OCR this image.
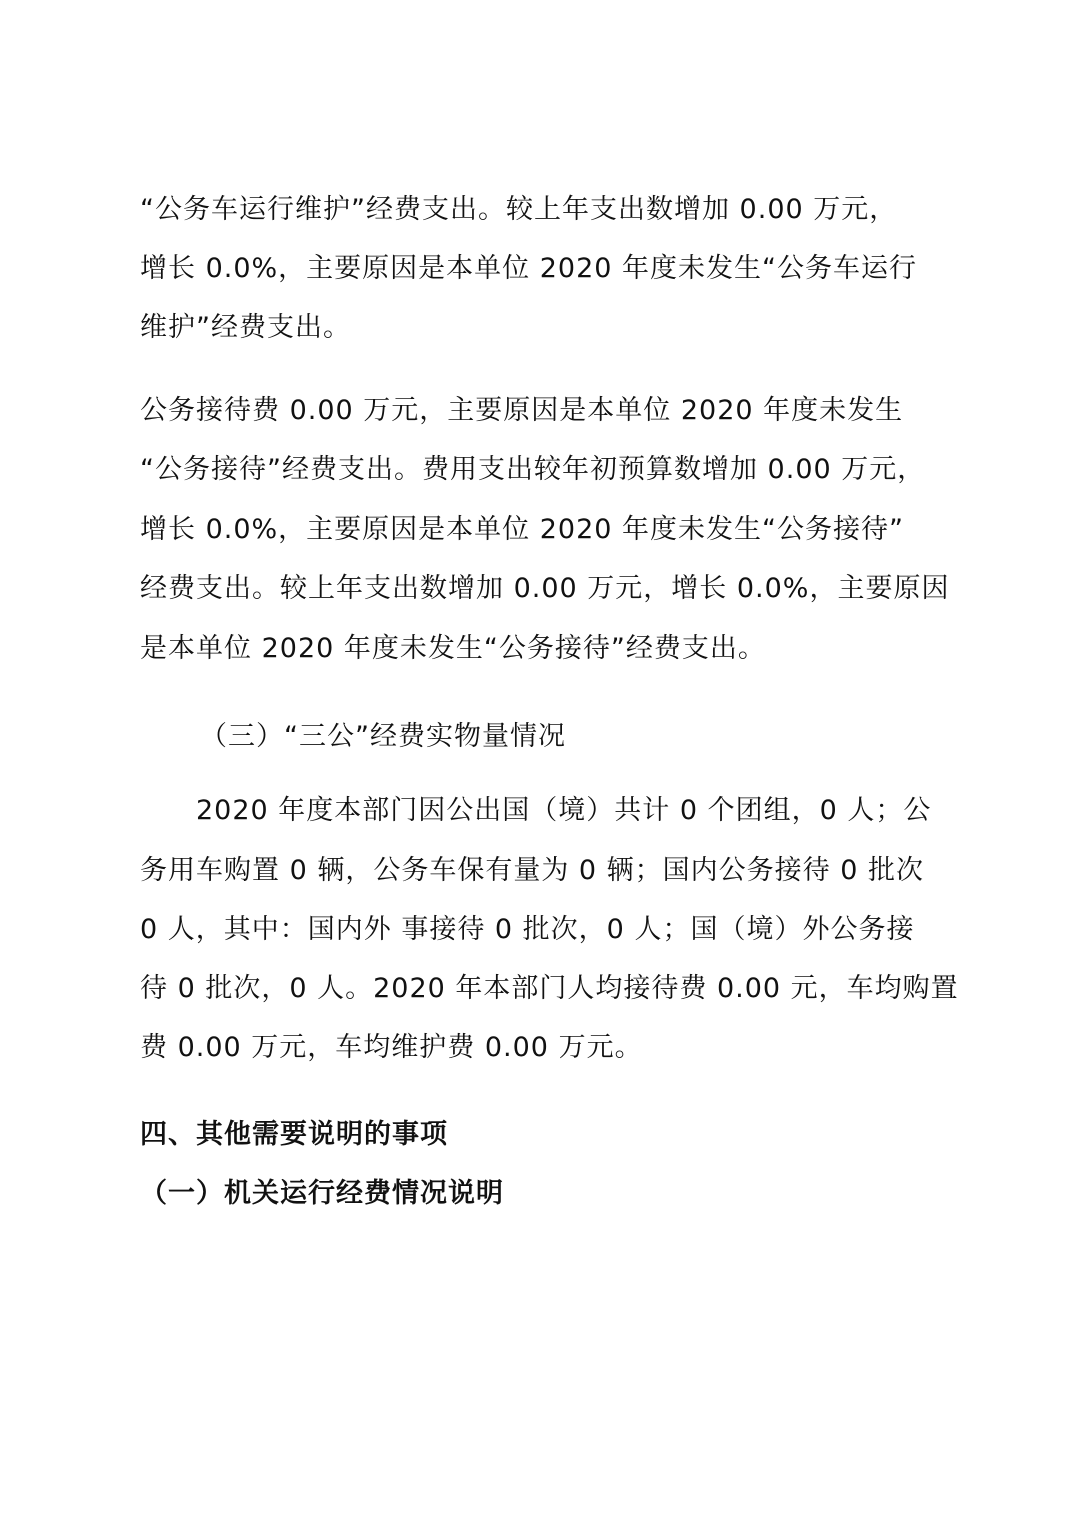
“公务车运行维护”经费支出。较上年支出数增加 0.00 万元，
增长 0.0%，主要原因是本单位 2020 年度未发生“公务车运行
维护”经费支出。
公务接待费 0.00 万元，主要原因是本单位 2020 年度未发生
“公务接待”经费支出。费用支出较年初预算数增加 0.00 万元，
增长 0.0%，主要原因是本单位 2020 年度未发生“公务接待”
经费支出。较上年支出数增加 0.00 万元，增长 0.0%，主要原因
是本单位 2020 年度未发生“公务接待”经费支出。
（三）“三公”经费实物量情况
2020 年度本部门因公出国（境）共计 0 个团组，0 人；公
务用车购置 0 辆，公务车保有量为 0 辆；国内公务接待 0 批次
0 人，其中：国内外 事接待 0 批次，0 人；国（境）外公务接
待 0 批次，0 人。2020 年本部门人均接待费 0.00 元，车均购置
费 0.00 万元，车均维护费 0.00 万元。
四、其他需要说明的事项
（一）机关运行经费情况说明
